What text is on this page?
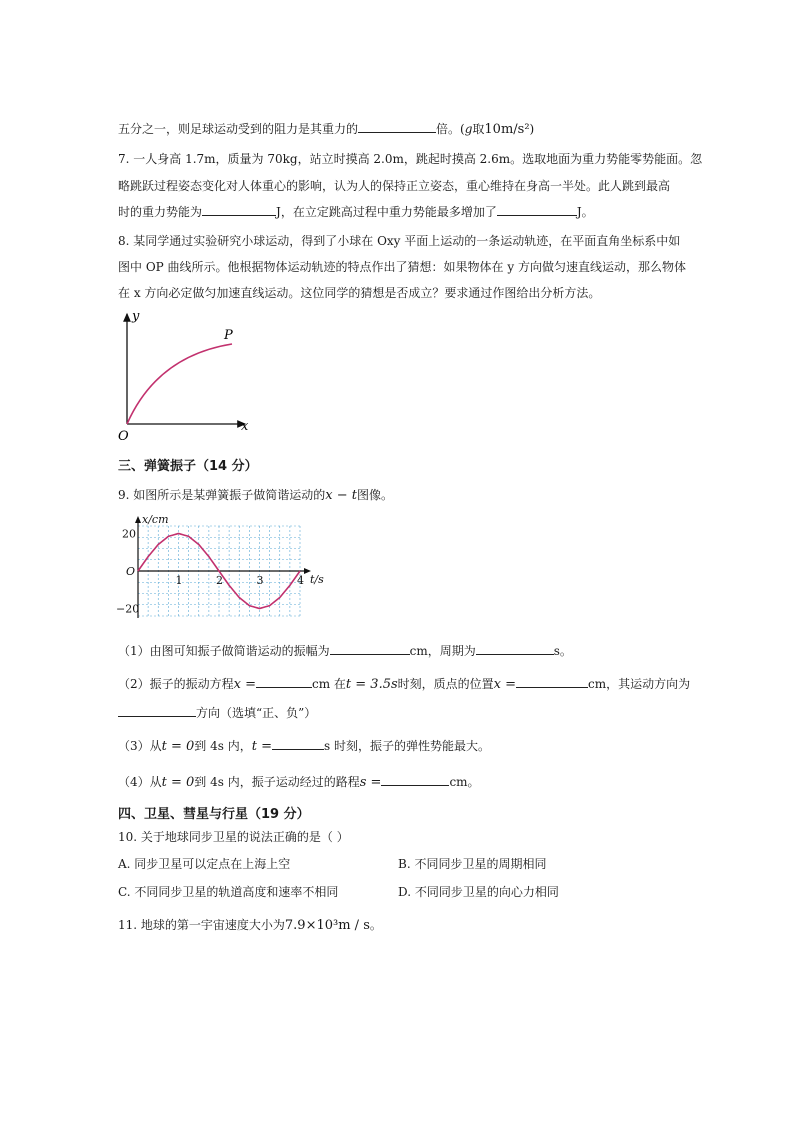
五分之一，则足球运动受到的阻力是其重力的	倍。(g取10m/s²)
7. 一人身高 1.7m，质量为 70kg，站立时摸高 2.0m，跳起时摸高 2.6m。选取地面为重力势能零势能面。忽
略跳跃过程姿态变化对人体重心的影响，认为人的保持正立姿态，重心维持在身高一半处。此人跳到最高
时的重力势能为	J，在立定跳高过程中重力势能最多增加了	J。
8. 某同学通过实验研究小球运动，得到了小球在 Oxy 平面上运动的一条运动轨迹，在平面直角坐标系中如
图中 OP 曲线所示。他根据物体运动轨迹的特点作出了猜想：如果物体在 y 方向做匀速直线运动，那么物体
在 x 方向必定做匀加速直线运动。这位同学的猜想是否成立？要求通过作图给出分析方法。
y
x
O
P
三、弹簧振子（14 分）
9. 如图所示是某弹簧振子做简谐运动的x − t图像。
x/cm
t/s
O
1	2	3	4
20
−20
（1）由图可知振子做简谐运动的振幅为	cm，周期为	s。
（2）振子的振动方程x =	cm 在t = 3.5s时刻，质点的位置x =	cm，其运动方向为
方向（选填“正、负”）
（3）从t = 0到 4s 内，t =	s 时刻，振子的弹性势能最大。
（4）从t = 0到 4s 内，振子运动经过的路程s =	cm。
四、卫星、彗星与行星（19 分）
10. 关于地球同步卫星的说法正确的是（ ）
A. 同步卫星可以定点在上海上空	B. 不同同步卫星的周期相同
C. 不同同步卫星的轨道高度和速率不相同	D. 不同同步卫星的向心力相同
11. 地球的第一宇宙速度大小为7.9×10³m / s。
